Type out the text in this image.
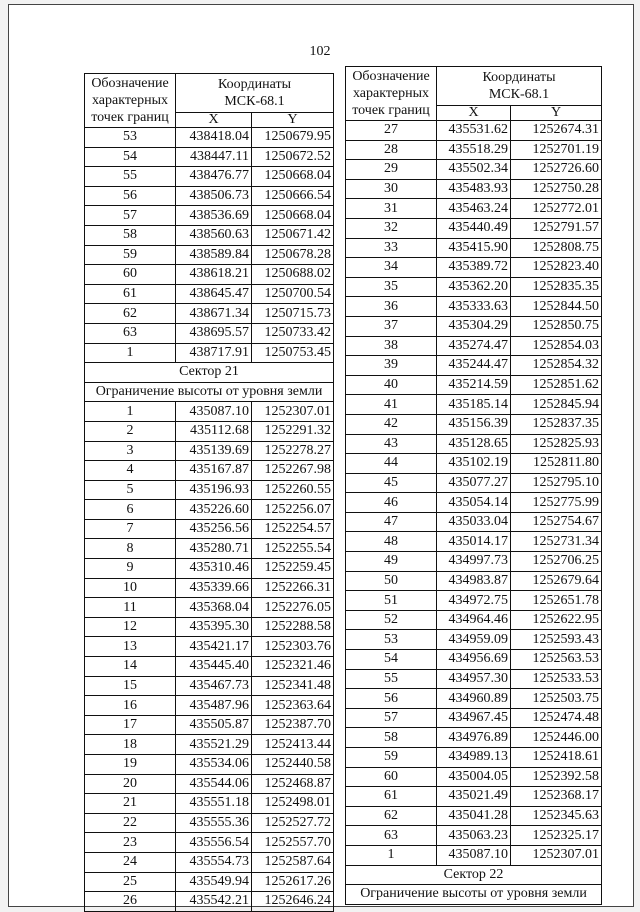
102
Обозначение
характерных
точек границ	Координаты
МСК-68.1	
	X	Y
53	438418.04	1250679.95
54	438447.11	1250672.52
55	438476.77	1250668.04
56	438506.73	1250666.54
57	438536.69	1250668.04
58	438560.63	1250671.42
59	438589.84	1250678.28
60	438618.21	1250688.02
61	438645.47	1250700.54
62	438671.34	1250715.73
63	438695.57	1250733.42
1	438717.91	1250753.45
Сектор 21		
Ограничение высоты от уровня земли		
1	435087.10	1252307.01
2	435112.68	1252291.32
3	435139.69	1252278.27
4	435167.87	1252267.98
5	435196.93	1252260.55
6	435226.60	1252256.07
7	435256.56	1252254.57
8	435280.71	1252255.54
9	435310.46	1252259.45
10	435339.66	1252266.31
11	435368.04	1252276.05
12	435395.30	1252288.58
13	435421.17	1252303.76
14	435445.40	1252321.46
15	435467.73	1252341.48
16	435487.96	1252363.64
17	435505.87	1252387.70
18	435521.29	1252413.44
19	435534.06	1252440.58
20	435544.06	1252468.87
21	435551.18	1252498.01
22	435555.36	1252527.72
23	435556.54	1252557.70
24	435554.73	1252587.64
25	435549.94	1252617.26
26	435542.21	1252646.24
Обозначение
характерных
точек границ	Координаты
МСК-68.1	
	X	Y
27	435531.62	1252674.31
28	435518.29	1252701.19
29	435502.34	1252726.60
30	435483.93	1252750.28
31	435463.24	1252772.01
32	435440.49	1252791.57
33	435415.90	1252808.75
34	435389.72	1252823.40
35	435362.20	1252835.35
36	435333.63	1252844.50
37	435304.29	1252850.75
38	435274.47	1252854.03
39	435244.47	1252854.32
40	435214.59	1252851.62
41	435185.14	1252845.94
42	435156.39	1252837.35
43	435128.65	1252825.93
44	435102.19	1252811.80
45	435077.27	1252795.10
46	435054.14	1252775.99
47	435033.04	1252754.67
48	435014.17	1252731.34
49	434997.73	1252706.25
50	434983.87	1252679.64
51	434972.75	1252651.78
52	434964.46	1252622.95
53	434959.09	1252593.43
54	434956.69	1252563.53
55	434957.30	1252533.53
56	434960.89	1252503.75
57	434967.45	1252474.48
58	434976.89	1252446.00
59	434989.13	1252418.61
60	435004.05	1252392.58
61	435021.49	1252368.17
62	435041.28	1252345.63
63	435063.23	1252325.17
1	435087.10	1252307.01
Сектор 22		
Ограничение высоты от уровня земли		
